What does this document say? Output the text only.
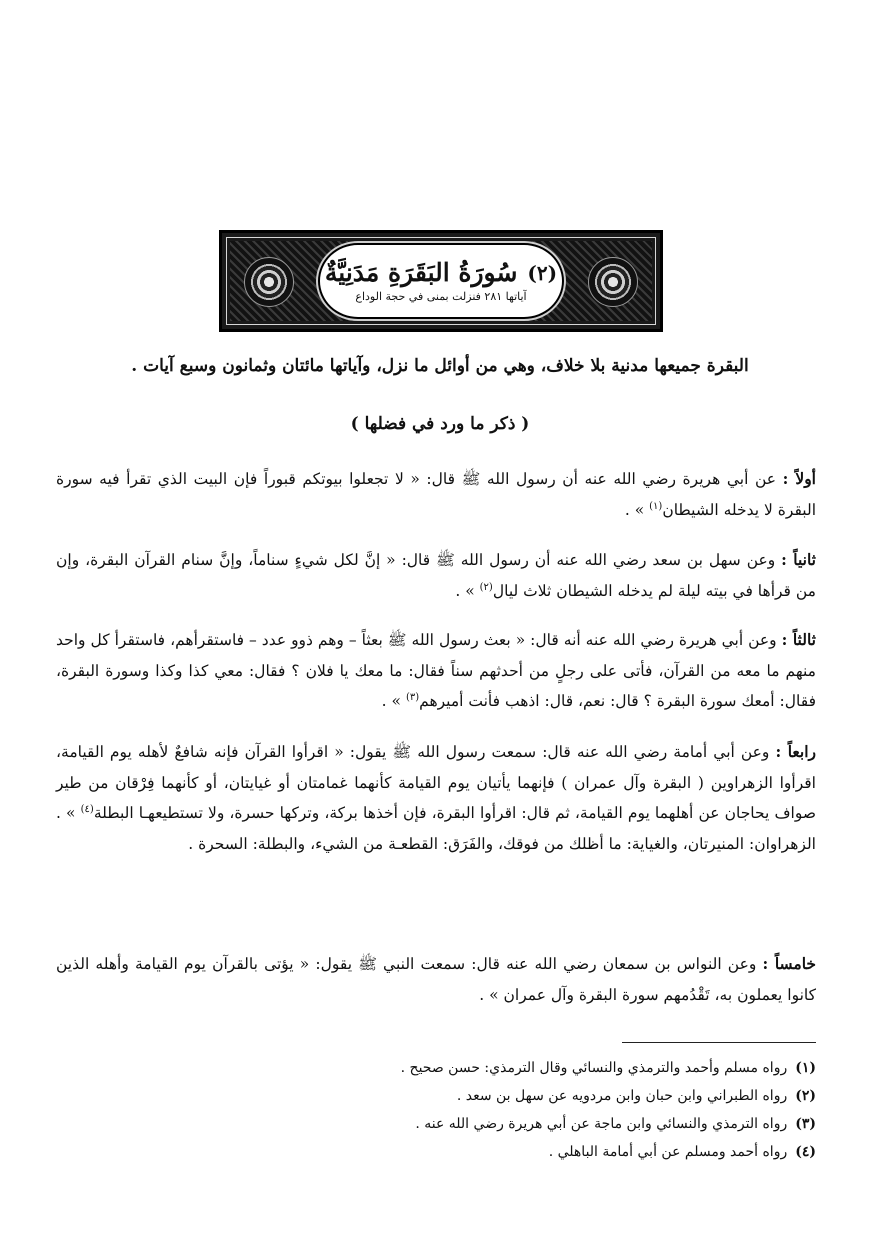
(٢)
سُورَةُ البَقَرَةِ مَدَنِيَّةٌ
آياتها ٢٨١ فنزلت بمنى في حجة الوداع
البقرة جميعها مدنية بلا خلاف، وهي من أوائل ما نزل، وآياتها مائتان وثمانون وسبع آيات .
( ذكر ما ورد في فضلها )
أولاً : عن أبي هريرة رضي الله عنه أن رسول الله ﷺ قال: « لا تجعلوا بيوتكم قبوراً فإن البيت الذي تقرأ فيه سورة البقرة لا يدخله الشيطان$^{(١)}$ » .
ثانياً : وعن سهل بن سعد رضي الله عنه أن رسول الله ﷺ قال: « إنَّ لكل شيءٍ سناماً، وإنَّ سنام القرآن البقرة، وإن من قرأها في بيته ليلة لم يدخله الشيطان ثلاث ليال$^{(٢)}$ » .
ثالثاً : وعن أبي هريرة رضي الله عنه أنه قال: « بعث رسول الله ﷺ بعثاً – وهم ذوو عدد – فاستقرأهم، فاستقرأ كل واحد منهم ما معه من القرآن، فأتى على رجلٍ من أحدثهم سناً فقال: ما معك يا فلان ؟ فقال: معي كذا وكذا وسورة البقرة، فقال: أمعك سورة البقرة ؟ قال: نعم، قال: اذهب فأنت أميرهم$^{(٣)}$ » .
رابعاً : وعن أبي أمامة رضي الله عنه قال: سمعت رسول الله ﷺ يقول: « اقرأوا القرآن فإنه شافعٌ لأهله يوم القيامة، اقرأوا الزهراوين ( البقرة وآل عمران ) فإنهما يأتيان يوم القيامة كأنهما غمامتان أو غيايتان، أو كأنهما فِرْقان من طير صواف يحاجان عن أهلهما يوم القيامة، ثم قال: اقرأوا البقرة، فإن أخذها بركة، وتركها حسرة، ولا تستطيعهـا البطلة$^{(٤)}$ » . الزهراوان: المنيرتان، والغياية: ما أظلك من فوقك، والفَرَق: القطعـة من الشيء، والبطلة: السحرة .
خامساً : وعن النواس بن سمعان رضي الله عنه قال: سمعت النبي ﷺ يقول: « يؤتى بالقرآن يوم القيامة وأهله الذين كانوا يعملون به، تَقْدُمهم سورة البقرة وآل عمران » .
(١)رواه مسلم وأحمد والترمذي والنسائي وقال الترمذي: حسن صحيح .
(٢)رواه الطبراني وابن حبان وابن مردويه عن سهل بن سعد .
(٣)رواه الترمذي والنسائي وابن ماجة عن أبي هريرة رضي الله عنه .
(٤)رواه أحمد ومسلم عن أبي أمامة الباهلي .
